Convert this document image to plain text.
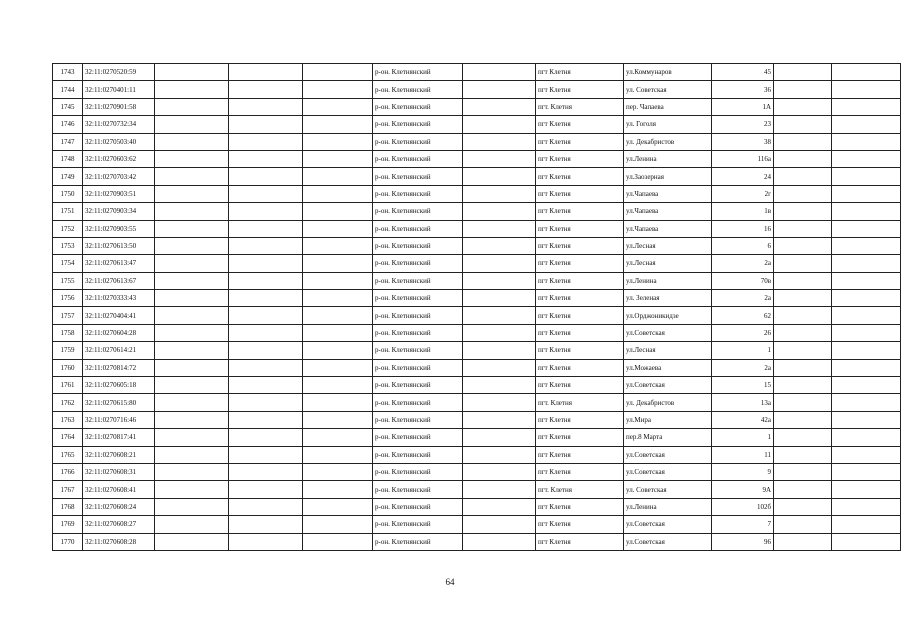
1743	32:11:0270520:59				р-он. Клетнянский		пгт Клетня	ул.Коммунаров	45		
1744	32:11:0270401:11				р-он. Клетнянский		пгт Клетня	ул. Советская	36		
1745	32:11:0270901:58				р-он. Клетнянский		пгт. Клетня	пер. Чапаева	1А		
1746	32:11:0270732:34				р-он. Клетнянский		пгт Клетня	ул. Гоголя	23		
1747	32:11:0270503:40				р-он. Клетнянский		пгт Клетня	ул. Декабристов	38		
1748	32:11:0270603:62				р-он. Клетнянский		пгт Клетня	ул.Ленина	116а		
1749	32:11:0270703:42				р-он. Клетнянский		пгт Клетня	ул.Заозерная	24		
1750	32:11:0270903:51				р-он. Клетнянский		пгт Клетня	ул.Чапаева	2г		
1751	32:11:0270903:34				р-он. Клетнянский		пгт Клетня	ул.Чапаева	1в		
1752	32:11:0270903:55				р-он. Клетнянский		пгт Клетня	ул.Чапаева	16		
1753	32:11:0270613:50				р-он. Клетнянский		пгт Клетня	ул.Лесная	6		
1754	32:11:0270613:47				р-он. Клетнянский		пгт Клетня	ул.Лесная	2а		
1755	32:11:0270613:67				р-он. Клетнянский		пгт Клетня	ул.Ленина	70в		
1756	32:11:0270333:43				р-он. Клетнянский		пгт Клетня	ул. Зеленая	2а		
1757	32:11:0270404:41				р-он. Клетнянский		пгт Клетня	ул.Орджоникидзе	62		
1758	32:11:0270604:28				р-он. Клетнянский		пгт Клетня	ул.Советская	26		
1759	32:11:0270614:21				р-он. Клетнянский		пгт Клетня	ул.Лесная	1		
1760	32:11:0270814:72				р-он. Клетнянский		пгт Клетня	ул.Можаева	2а		
1761	32:11:0270605:18				р-он. Клетнянский		пгт Клетня	ул.Советская	15		
1762	32:11:0270615:80				р-он. Клетнянский		пгт. Клетня	ул. Декабристов	13а		
1763	32:11:0270716:46				р-он. Клетнянский		пгт Клетня	ул.Мира	42а		
1764	32:11:0270817:41				р-он. Клетнянский		пгт Клетня	пер.8 Марта	1		
1765	32:11:0270608:21				р-он. Клетнянский		пгт Клетня	ул.Советская	11		
1766	32:11:0270608:31				р-он. Клетнянский		пгт Клетня	ул.Советская	9		
1767	32:11:0270608:41				р-он. Клетнянский		пгт. Клетня	ул. Советская	9А		
1768	32:11:0270608:24				р-он. Клетнянский		пгт Клетня	ул.Ленина	102б		
1769	32:11:0270608:27				р-он. Клетнянский		пгт Клетня	ул.Советская	7		
1770	32:11:0270608:28				р-он. Клетнянский		пгт Клетня	ул.Советская	96		
64
